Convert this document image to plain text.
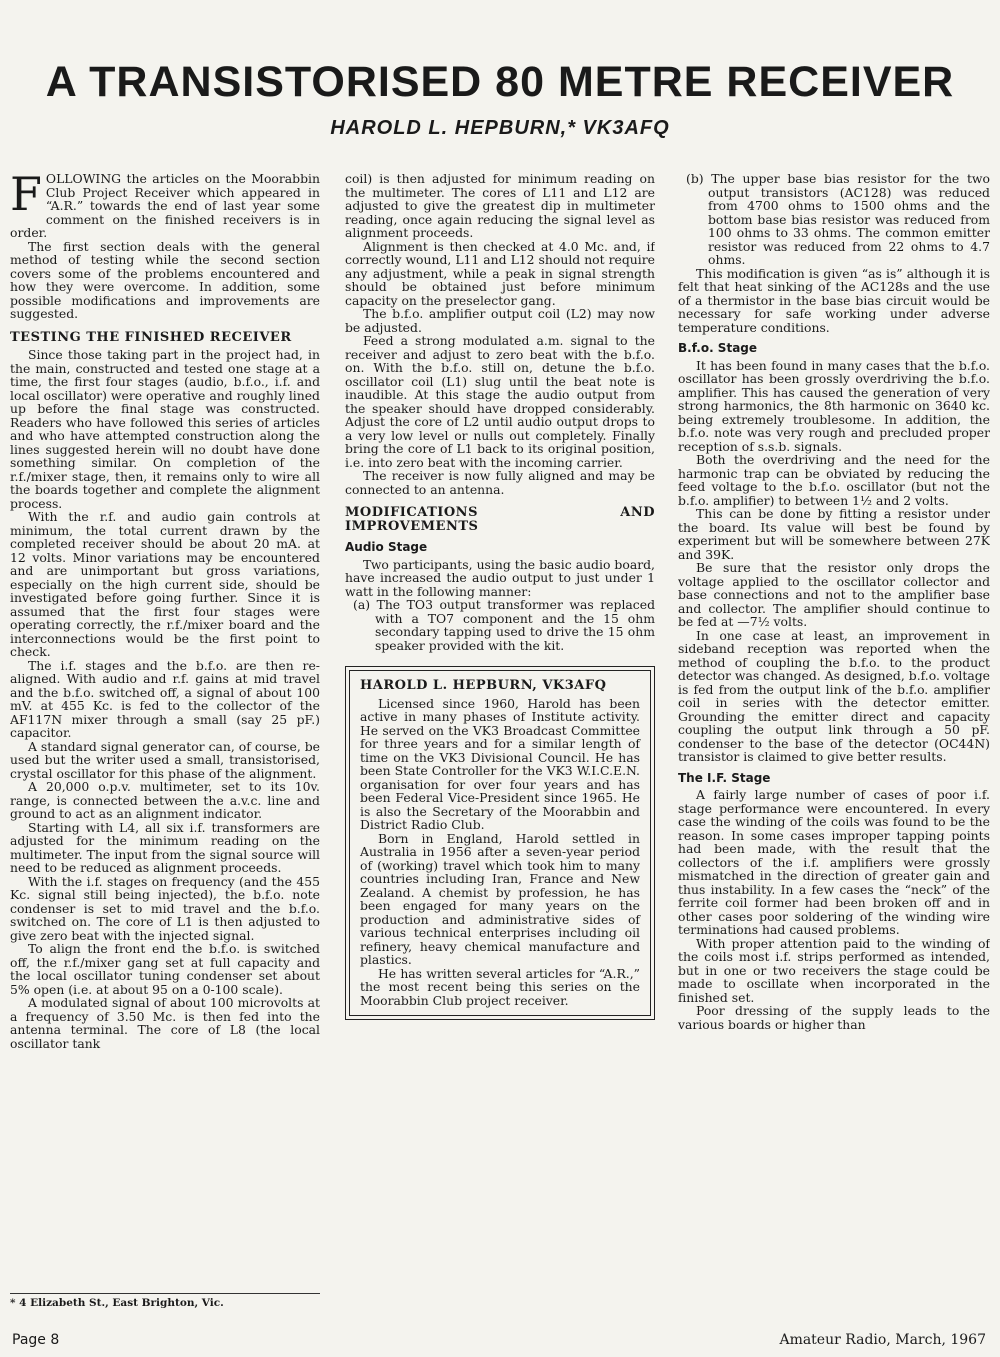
A TRANSISTORISED 80 METRE RECEIVER
HAROLD L. HEPBURN,* VK3AFQ

FOLLOWING the articles on the Moorabbin Club Project Receiver which appeared in “A.R.” towards the end of last year some comment on the finished receivers is in order.

The first section deals with the general method of testing while the second section covers some of the problems encountered and how they were overcome. In addition, some possible modifications and improvements are suggested.

TESTING THE FINISHED RECEIVER

Since those taking part in the project had, in the main, constructed and tested one stage at a time, the first four stages (audio, b.f.o., i.f. and local oscillator) were operative and roughly lined up before the final stage was constructed. Readers who have followed this series of articles and who have attempted construction along the lines suggested herein will no doubt have done something similar. On completion of the r.f./mixer stage, then, it remains only to wire all the boards together and complete the alignment process.

With the r.f. and audio gain controls at minimum, the total current drawn by the completed receiver should be about 20 mA. at 12 volts. Minor variations may be encountered and are unimportant but gross variations, especially on the high current side, should be investigated before going further. Since it is assumed that the first four stages were operating correctly, the r.f./mixer board and the interconnections would be the first point to check.

The i.f. stages and the b.f.o. are then re-aligned. With audio and r.f. gains at mid travel and the b.f.o. switched off, a signal of about 100 mV. at 455 Kc. is fed to the collector of the AF117N mixer through a small (say 25 pF.) capacitor.

A standard signal generator can, of course, be used but the writer used a small, transistorised, crystal oscillator for this phase of the alignment.

A 20,000 o.p.v. multimeter, set to its 10v. range, is connected between the a.v.c. line and ground to act as an alignment indicator.

Starting with L4, all six i.f. transformers are adjusted for the minimum reading on the multimeter. The input from the signal source will need to be reduced as alignment proceeds.

With the i.f. stages on frequency (and the 455 Kc. signal still being injected), the b.f.o. note condenser is set to mid travel and the b.f.o. switched on. The core of L1 is then adjusted to give zero beat with the injected signal.

To align the front end the b.f.o. is switched off, the r.f./mixer gang set at full capacity and the local oscillator tuning condenser set about 5% open (i.e. at about 95 on a 0-100 scale).

A modulated signal of about 100 microvolts at a frequency of 3.50 Mc. is then fed into the antenna terminal. The core of L8 (the local oscillator tank

coil) is then adjusted for minimum reading on the multimeter. The cores of L11 and L12 are adjusted to give the greatest dip in multimeter reading, once again reducing the signal level as alignment proceeds.

Alignment is then checked at 4.0 Mc. and, if correctly wound, L11 and L12 should not require any adjustment, while a peak in signal strength should be obtained just before minimum capacity on the preselector gang.

The b.f.o. amplifier output coil (L2) may now be adjusted.

Feed a strong modulated a.m. signal to the receiver and adjust to zero beat with the b.f.o. on. With the b.f.o. still on, detune the b.f.o. oscillator coil (L1) slug until the beat note is inaudible. At this stage the audio output from the speaker should have dropped considerably. Adjust the core of L2 until audio output drops to a very low level or nulls out completely. Finally bring the core of L1 back to its original position, i.e. into zero beat with the incoming carrier.

The receiver is now fully aligned and may be connected to an antenna.

MODIFICATIONS AND IMPROVEMENTS
Audio Stage

Two participants, using the basic audio board, have increased the audio output to just under 1 watt in the following manner:

(a) The TO3 output transformer was replaced with a TO7 component and the 15 ohm secondary tapping used to drive the 15 ohm speaker provided with the kit.

HAROLD L. HEPBURN, VK3AFQ

Licensed since 1960, Harold has been active in many phases of Institute activity. He served on the VK3 Broadcast Committee for three years and for a similar length of time on the VK3 Divisional Council. He has been State Controller for the VK3 W.I.C.E.N. organisation for over four years and has been Federal Vice-President since 1965. He is also the Secretary of the Moorabbin and District Radio Club.

Born in England, Harold settled in Australia in 1956 after a seven-year period of (working) travel which took him to many countries including Iran, France and New Zealand. A chemist by profession, he has been engaged for many years on the production and administrative sides of various technical enterprises including oil refinery, heavy chemical manufacture and plastics.

He has written several articles for “A.R.,” the most recent being this series on the Moorabbin Club project receiver.

(b) The upper base bias resistor for the two output transistors (AC128) was reduced from 4700 ohms to 1500 ohms and the bottom base bias resistor was reduced from 100 ohms to 33 ohms. The common emitter resistor was reduced from 22 ohms to 4.7 ohms.

This modification is given “as is” although it is felt that heat sinking of the AC128s and the use of a thermistor in the base bias circuit would be necessary for safe working under adverse temperature conditions.

B.f.o. Stage

It has been found in many cases that the b.f.o. oscillator has been grossly overdriving the b.f.o. amplifier. This has caused the generation of very strong harmonics, the 8th harmonic on 3640 kc. being extremely troublesome. In addition, the b.f.o. note was very rough and precluded proper reception of s.s.b. signals.

Both the overdriving and the need for the harmonic trap can be obviated by reducing the feed voltage to the b.f.o. oscillator (but not the b.f.o. amplifier) to between 1½ and 2 volts.

This can be done by fitting a resistor under the board. Its value will best be found by experiment but will be somewhere between 27K and 39K.

Be sure that the resistor only drops the voltage applied to the oscillator collector and base connections and not to the amplifier base and collector. The amplifier should continue to be fed at —7½ volts.

In one case at least, an improvement in sideband reception was reported when the method of coupling the b.f.o. to the product detector was changed. As designed, b.f.o. voltage is fed from the output link of the b.f.o. amplifier coil in series with the detector emitter. Grounding the emitter direct and capacity coupling the output link through a 50 pF. condenser to the base of the detector (OC44N) transistor is claimed to give better results.

The I.F. Stage

A fairly large number of cases of poor i.f. stage performance were encountered. In every case the winding of the coils was found to be the reason. In some cases improper tapping points had been made, with the result that the collectors of the i.f. amplifiers were grossly mismatched in the direction of greater gain and thus instability. In a few cases the “neck” of the ferrite coil former had been broken off and in other cases poor soldering of the winding wire terminations had caused problems.

With proper attention paid to the winding of the coils most i.f. strips performed as intended, but in one or two receivers the stage could be made to oscillate when incorporated in the finished set.

Poor dressing of the supply leads to the various boards or higher than

* 4 Elizabeth St., East Brighton, Vic.
Page 8	Amateur Radio, March, 1967
